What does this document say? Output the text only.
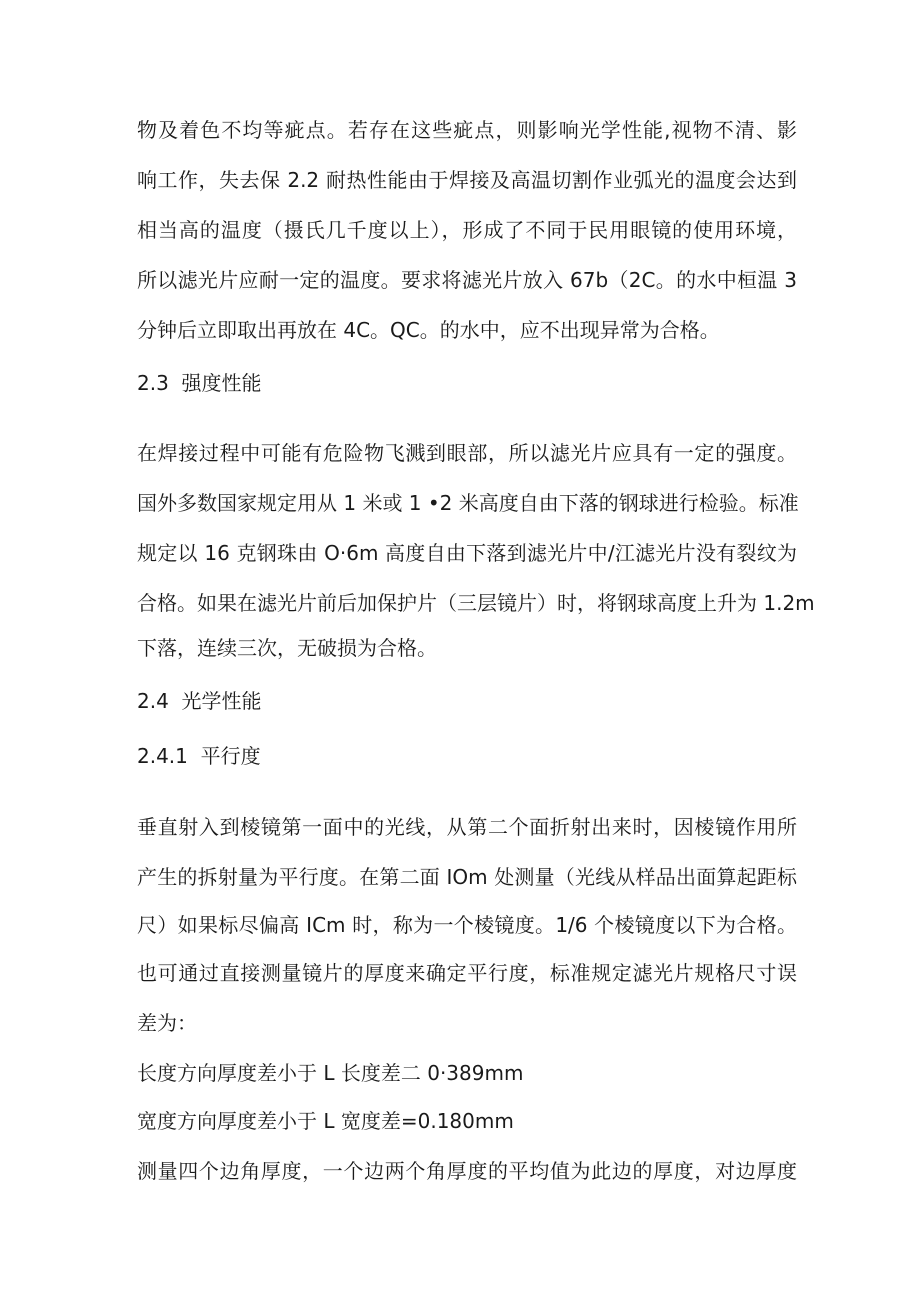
物及着色不均等疵点。若存在这些疵点，则影响光学性能,视物不清、影
响工作，失去保 2.2 耐热性能由于焊接及高温切割作业弧光的温度会达到
相当高的温度（摄氏几千度以上），形成了不同于民用眼镜的使用环境，
所以滤光片应耐一定的温度。要求将滤光片放入 67b（2C。的水中桓温 3
分钟后立即取出再放在 4C。QC。的水中，应不出现异常为合格。
2.3  强度性能
在焊接过程中可能有危险物飞溅到眼部，所以滤光片应具有一定的强度。
国外多数国家规定用从 1 米或 1 •2 米高度自由下落的钢球进行检验。标准
规定以 16 克钢珠由 O·6m 高度自由下落到滤光片中/江滤光片没有裂纹为
合格。如果在滤光片前后加保护片（三层镜片）时，将钢球高度上升为 1.2m
下落，连续三次，无破损为合格。
2.4  光学性能
2.4.1  平行度
垂直射入到棱镜第一面中的光线，从第二个面折射出来时，因棱镜作用所
产生的拆射量为平行度。在第二面 IOm 处测量（光线从样品出面算起距标
尺）如果标尽偏高 ICm 时，称为一个棱镜度。1/6 个棱镜度以下为合格。
也可通过直接测量镜片的厚度来确定平行度，标准规定滤光片规格尺寸误
差为：
长度方向厚度差小于 L 长度差二 0·389mm
宽度方向厚度差小于 L 宽度差=0.180mm
测量四个边角厚度，一个边两个角厚度的平均值为此边的厚度，对边厚度
